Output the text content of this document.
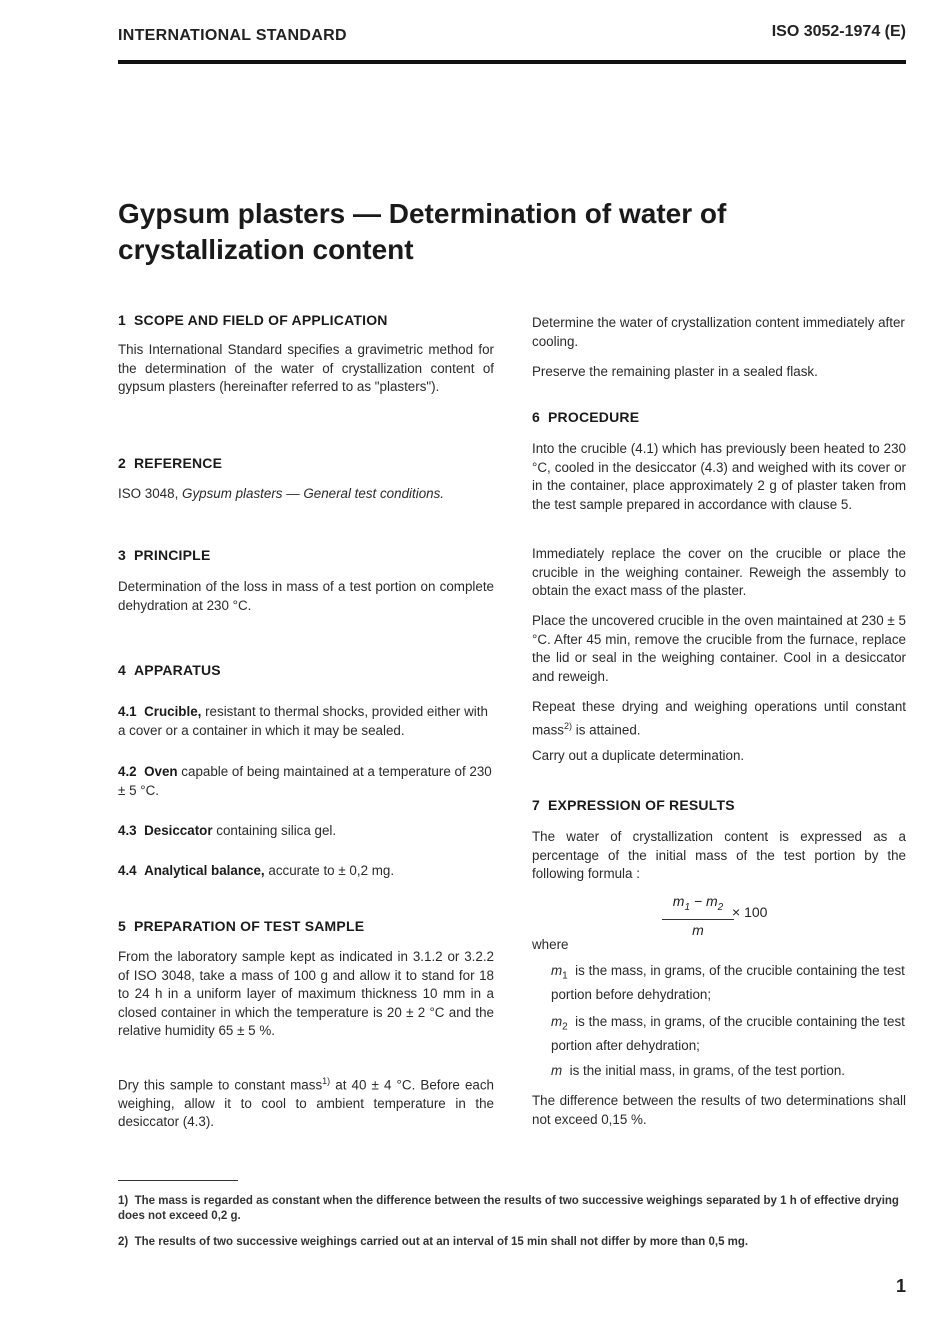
INTERNATIONAL STANDARD	ISO 3052-1974 (E)
Gypsum plasters — Determination of water of crystallization content
1 SCOPE AND FIELD OF APPLICATION
This International Standard specifies a gravimetric method for the determination of the water of crystallization content of gypsum plasters (hereinafter referred to as "plasters").
2 REFERENCE
ISO 3048, Gypsum plasters — General test conditions.
3 PRINCIPLE
Determination of the loss in mass of a test portion on complete dehydration at 230 °C.
4 APPARATUS
4.1 Crucible, resistant to thermal shocks, provided either with a cover or a container in which it may be sealed.
4.2 Oven capable of being maintained at a temperature of 230 ± 5 °C.
4.3 Desiccator containing silica gel.
4.4 Analytical balance, accurate to ± 0,2 mg.
5 PREPARATION OF TEST SAMPLE
From the laboratory sample kept as indicated in 3.1.2 or 3.2.2 of ISO 3048, take a mass of 100 g and allow it to stand for 18 to 24 h in a uniform layer of maximum thickness 10 mm in a closed container in which the temperature is 20 ± 2 °C and the relative humidity 65 ± 5 %.
Dry this sample to constant mass$^{1)}$ at 40 ± 4 °C. Before each weighing, allow it to cool to ambient temperature in the desiccator (4.3).
Determine the water of crystallization content immediately after cooling.
Preserve the remaining plaster in a sealed flask.
6 PROCEDURE
Into the crucible (4.1) which has previously been heated to 230 °C, cooled in the desiccator (4.3) and weighed with its cover or in the container, place approximately 2 g of plaster taken from the test sample prepared in accordance with clause 5.
Immediately replace the cover on the crucible or place the crucible in the weighing container. Reweigh the assembly to obtain the exact mass of the plaster.
Place the uncovered crucible in the oven maintained at 230 ± 5 °C. After 45 min, remove the crucible from the furnace, replace the lid or seal in the weighing container. Cool in a desiccator and reweigh.
Repeat these drying and weighing operations until constant mass$^{2)}$ is attained.
Carry out a duplicate determination.
7 EXPRESSION OF RESULTS
The water of crystallization content is expressed as a percentage of the initial mass of the test portion by the following formula :
$m_1 - m_2$
m
× 100
where
$m_1$ is the mass, in grams, of the crucible containing the test portion before dehydration;
$m_2$ is the mass, in grams, of the crucible containing the test portion after dehydration;
m is the initial mass, in grams, of the test portion.
The difference between the results of two determinations shall not exceed 0,15 %.
1) The mass is regarded as constant when the difference between the results of two successive weighings separated by 1 h of effective drying does not exceed 0,2 g.
2) The results of two successive weighings carried out at an interval of 15 min shall not differ by more than 0,5 mg.
1
